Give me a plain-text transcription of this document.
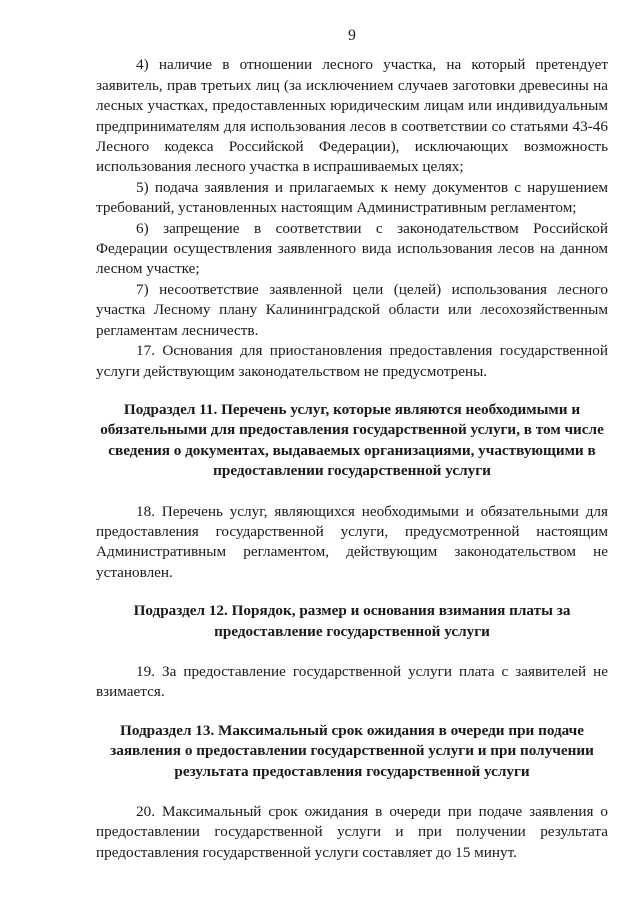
9

4) наличие в отношении лесного участка, на который претендует заявитель, прав третьих лиц (за исключением случаев заготовки древесины на лесных участках, предоставленных юридическим лицам или индивидуальным предпринимателям для использования лесов в соответствии со статьями 43-46 Лесного кодекса Российской Федерации), исключающих возможность использования лесного участка в испрашиваемых целях;

5) подача заявления и прилагаемых к нему документов с нарушением требований, установленных настоящим Административным регламентом;

6) запрещение в соответствии с законодательством Российской Федерации осуществления заявленного вида использования лесов на данном лесном участке;

7) несоответствие заявленной цели (целей) использования лесного участка Лесному плану Калининградской области или лесохозяйственным регламентам лесничеств.

17. Основания для приостановления предоставления государственной услуги действующим законодательством не предусмотрены.

Подраздел 11. Перечень услуг, которые являются необходимыми и обязательными для предоставления государственной услуги, в том числе сведения о документах, выдаваемых организациями, участвующими в предоставлении государственной услуги

18. Перечень услуг, являющихся необходимыми и обязательными для предоставления государственной услуги, предусмотренной настоящим Административным регламентом, действующим законодательством не установлен.

Подраздел 12. Порядок, размер и основания взимания платы за предоставление государственной услуги

19. За предоставление государственной услуги плата с заявителей не взимается.

Подраздел 13. Максимальный срок ожидания в очереди при подаче заявления о предоставлении государственной услуги и при получении результата предоставления государственной услуги

20. Максимальный срок ожидания в очереди при подаче заявления о предоставлении государственной услуги и при получении результата предоставления государственной услуги составляет до 15 минут.
